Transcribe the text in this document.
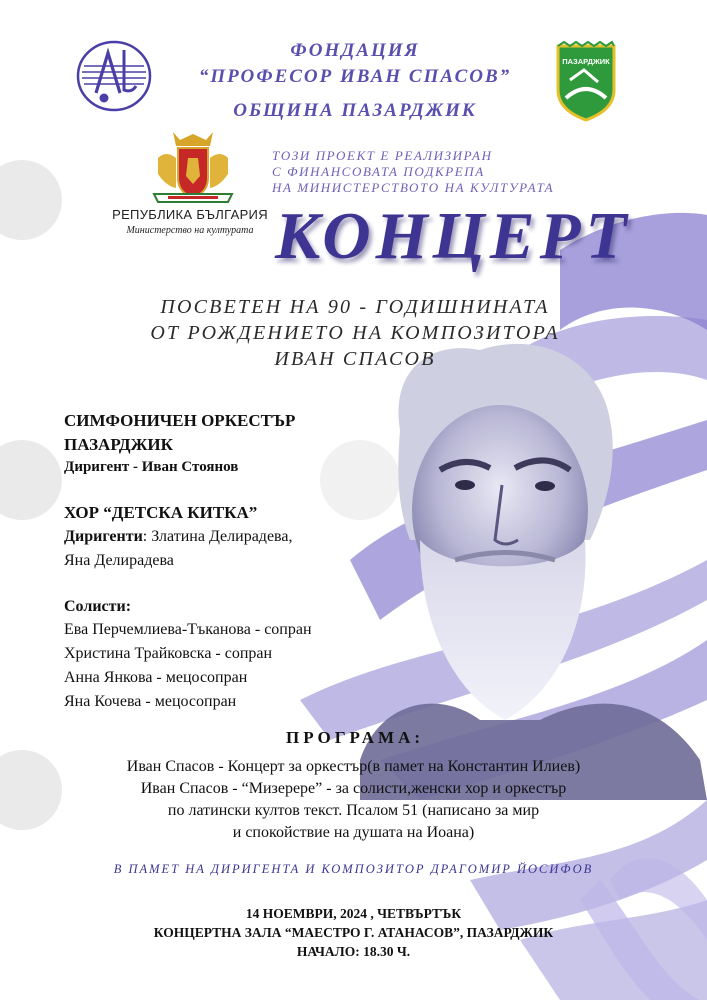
ФОНДАЦИЯ
“ПРОФЕСОР ИВАН СПАСОВ”
ОБЩИНА ПАЗАРДЖИК
ПАЗАРДЖИК
РЕПУБЛИКА БЪЛГАРИЯ
Министерство на културата
ТОЗИ ПРОЕКТ Е РЕАЛИЗИРАН
С ФИНАНСОВАТА ПОДКРЕПА
НА МИНИСТЕРСТВОТО НА КУЛТУРАТА
КОНЦЕРТ
ПОСВЕТЕН НА 90 - ГОДИШНИНАТА
ОТ РОЖДЕНИЕТО НА КОМПОЗИТОРА
ИВАН СПАСОВ
СИМФОНИЧЕН ОРКЕСТЪР
ПАЗАРДЖИК
Диригент - Иван Стоянов
ХОР “ДЕТСКА КИТКА”
Диригенти: Златина Делирадева,
Яна Делирадева
Солисти:
Ева Перчемлиева-Тъканова - сопран
Христина Трайковска - сопран
Анна Янкова - мецосопран
Яна Кочева - мецосопран
ПРОГРАМА:
Иван Спасов - Концерт за оркестър(в памет на Константин Илиев)
Иван Спасов - “Мизерере” - за солисти,женски хор и оркестър
по латински култов текст. Псалом 51 (написано за мир
и спокойствие на душата на Иоана)
В ПАМЕТ НА ДИРИГЕНТА И КОМПОЗИТОР ДРАГОМИР ЙОСИФОВ
14 НОЕМВРИ, 2024 , ЧЕТВЪРТЪК
КОНЦЕРТНА ЗАЛА “МАЕСТРО Г. АТАНАСОВ”, ПАЗАРДЖИК
НАЧАЛО: 18.30 Ч.
